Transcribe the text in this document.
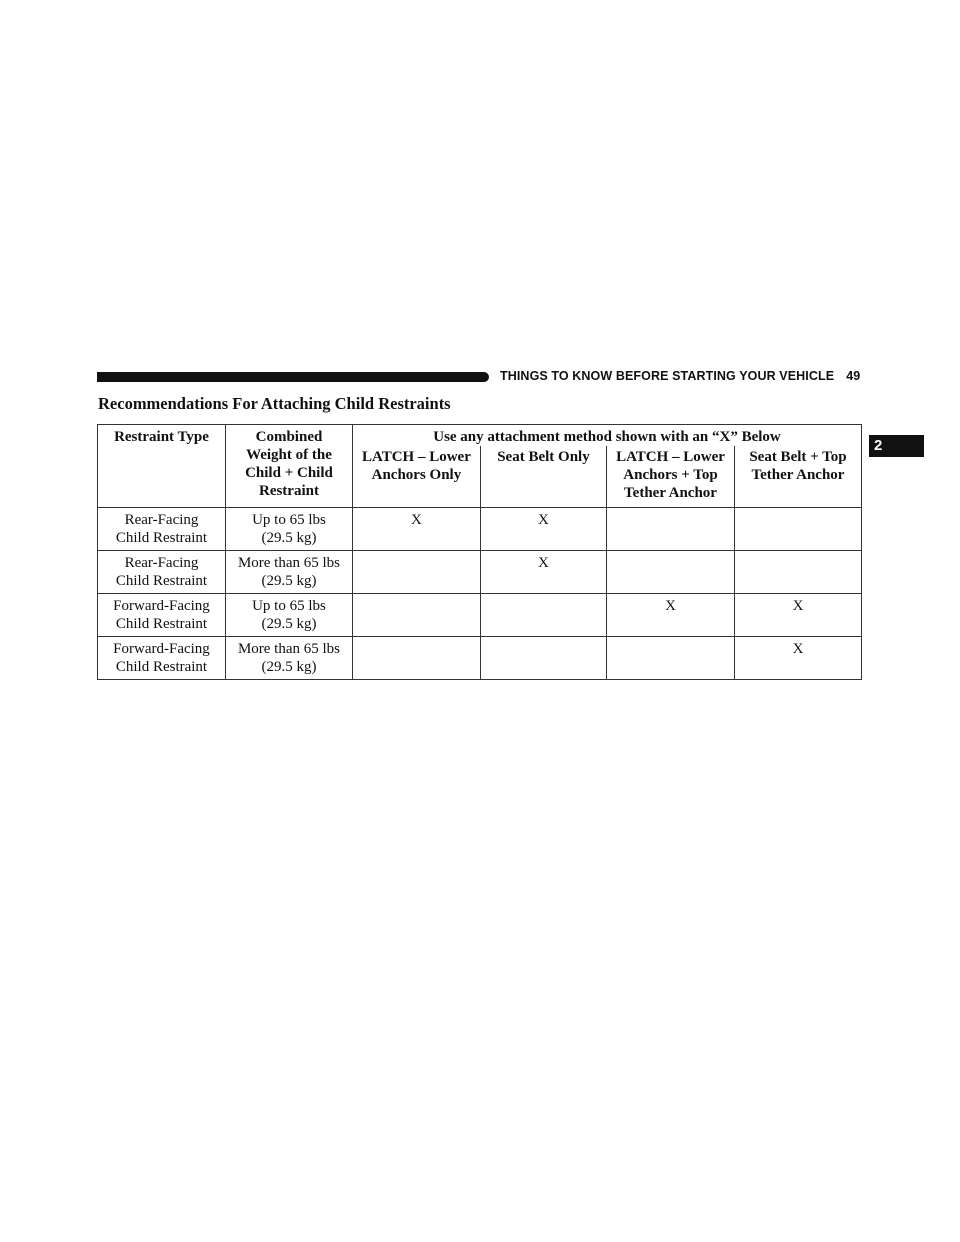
THINGS TO KNOW BEFORE STARTING YOUR VEHICLE 49
2
Recommendations For Attaching Child Restraints
Restraint Type	Combined Weight of the Child + Child Restraint	Use any attachment method shown with an “X” Below			
		LATCH – Lower Anchors Only	Seat Belt Only	LATCH – Lower Anchors + Top Tether Anchor	Seat Belt + Top Tether Anchor
Rear-Facing Child Restraint	Up to 65 lbs (29.5 kg)	X	X		
Rear-Facing Child Restraint	More than 65 lbs (29.5 kg)		X		
Forward-Facing Child Restraint	Up to 65 lbs (29.5 kg)			X	X
Forward-Facing Child Restraint	More than 65 lbs (29.5 kg)				X
